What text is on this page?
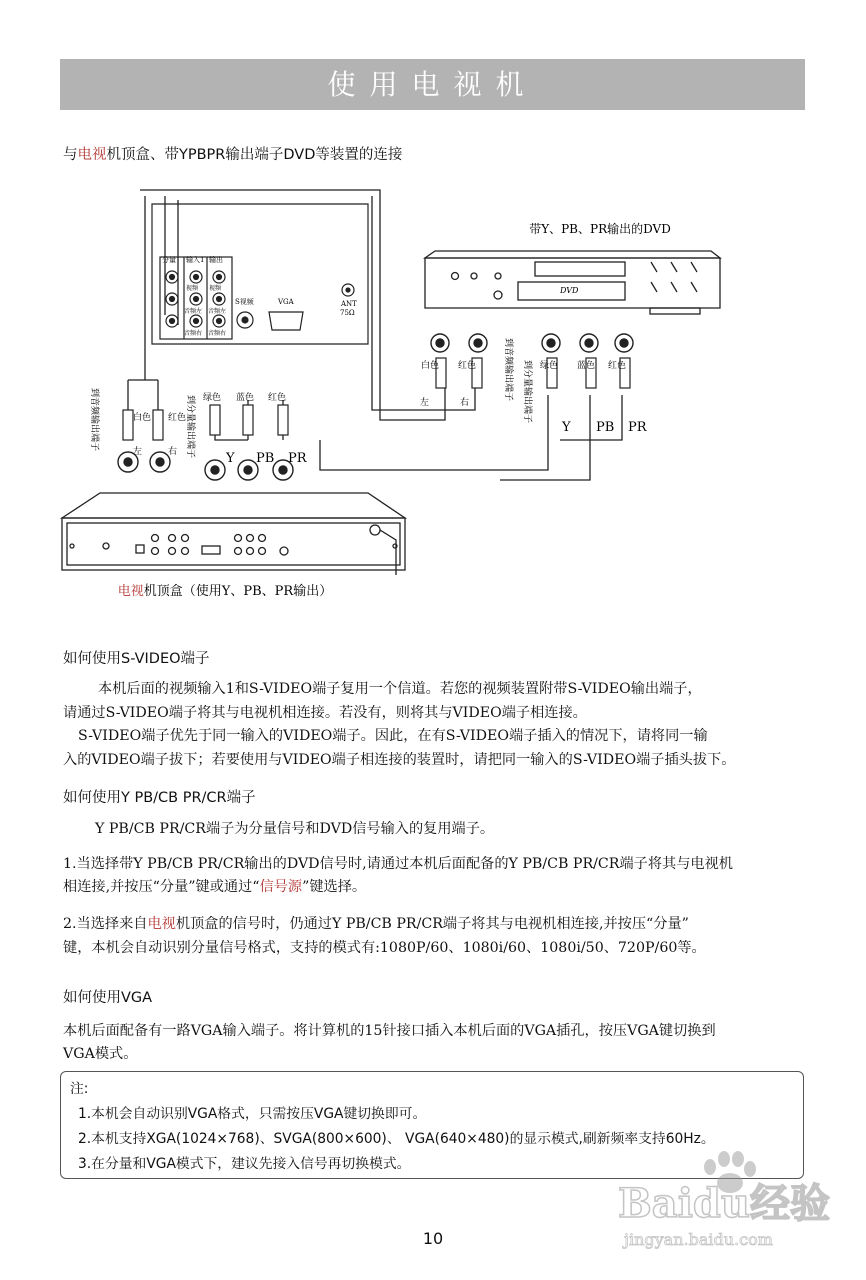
使用电视机
与电视机顶盒、带YPBPR输出端子DVD等装置的连接
分量 输入1 输出
视频 视频
音频左
音频右
音频左
音频右
S视频	VGA	ANT
75Ω
带Y、PB、PR输出的DVD
DVD
白色 红色
左	右
绿色 蓝色 红色
到音频输出端子 到分量输出端子
Y PB PR
到音频输出端子	白色 红色
左	右
绿色 蓝色 红色
到分量输出端子
Y PB PR
电视机顶盒（使用Y、PB、PR输出）
如何使用S-VIDEO端子
本机后面的视频输入1和S-VIDEO端子复用一个信道。若您的视频装置附带S-VIDEO输出端子，
请通过S-VIDEO端子将其与电视机相连接。若没有，则将其与VIDEO端子相连接。
S-VIDEO端子优先于同一输入的VIDEO端子。因此，在有S-VIDEO端子插入的情况下，请将同一输
入的VIDEO端子拔下；若要使用与VIDEO端子相连接的装置时，请把同一输入的S-VIDEO端子插头拔下。
如何使用Y PB/CB PR/CR端子
Y PB/CB PR/CR端子为分量信号和DVD信号输入的复用端子。
1.当选择带Y PB/CB PR/CR输出的DVD信号时,请通过本机后面配备的Y PB/CB PR/CR端子将其与电视机
相连接,并按压“分量”键或通过“信号源”键选择。
2.当选择来自电视机顶盒的信号时，仍通过Y PB/CB PR/CR端子将其与电视机相连接,并按压“分量”
键，本机会自动识别分量信号格式，支持的模式有:1080P/60、1080i/60、1080i/50、720P/60等。
如何使用VGA
本机后面配备有一路VGA输入端子。将计算机的15针接口插入本机后面的VGA插孔，按压VGA键切换到
VGA模式。
注:
1.本机会自动识别VGA格式，只需按压VGA键切换即可。
2.本机支持XGA(1024×768)、SVGA(800×600)、 VGA(640×480)的显示模式,刷新频率支持60Hz。
3.在分量和VGA模式下，建议先接入信号再切换模式。
Baidu经验
jingyan.baidu.com
10
